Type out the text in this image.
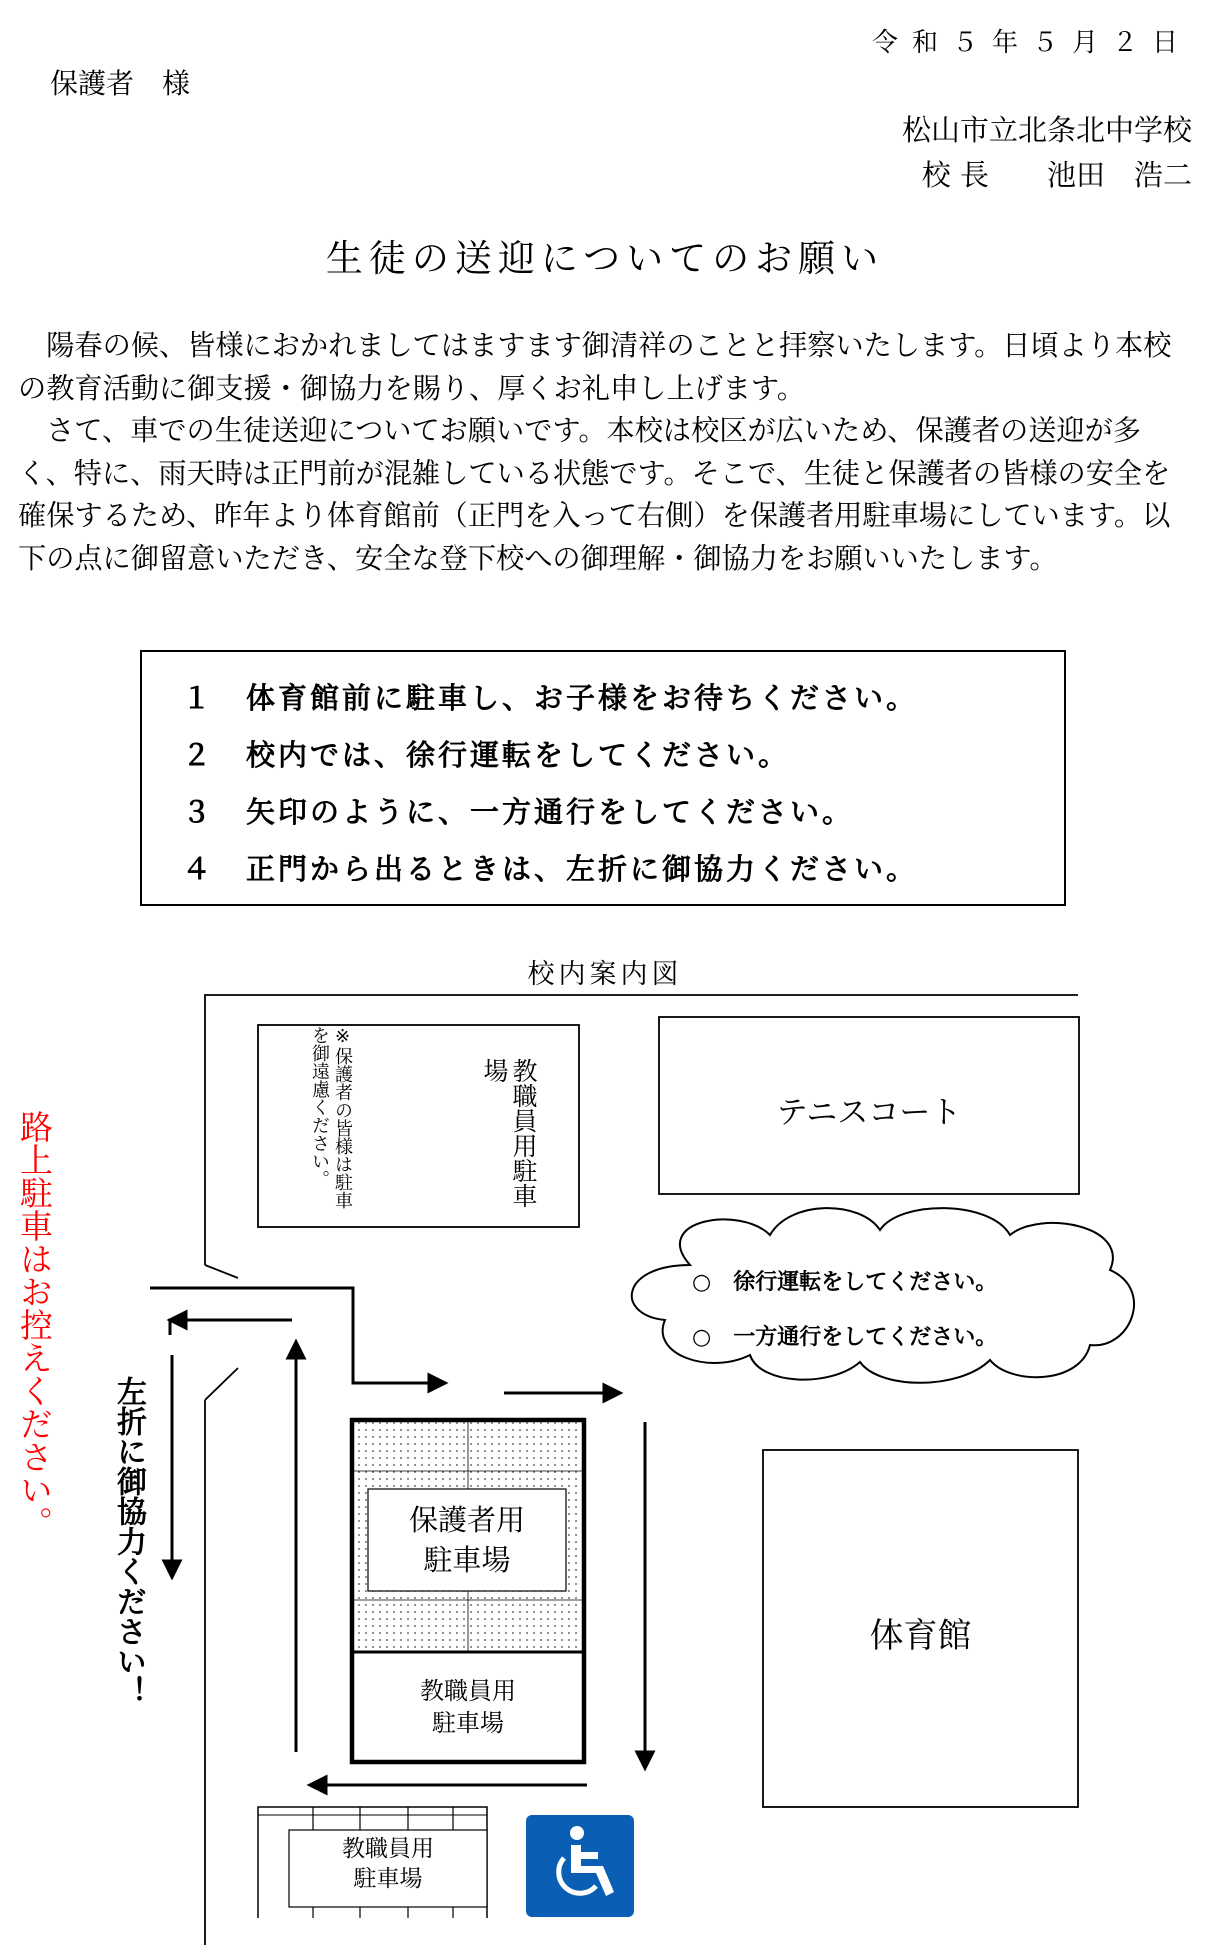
令和５年５月２日
保護者　様
松山市立北条北中学校
校 長　　池田　浩二
生徒の送迎についてのお願い

陽春の候、皆様におかれましてはますます御清祥のことと拝察いたします。日頃より本校の教育活動に御支援・御協力を賜り、厚くお礼申し上げます。

さて、車での生徒送迎についてお願いです。本校は校区が広いため、保護者の送迎が多く、特に、雨天時は正門前が混雑している状態です。そこで、生徒と保護者の皆様の安全を確保するため、昨年より体育館前（正門を入って右側）を保護者用駐車場にしています。以下の点に御留意いただき、安全な登下校への御理解・御協力をお願いいたします。

１ 体育館前に駐車し、お子様をお待ちください。
２ 校内では、徐行運転をしてください。
３ 矢印のように、一方通行をしてください。
４ 正門から出るときは、左折に御協力ください。
校内案内図
教職員用駐車場
※保護者の皆様は駐車を御遠慮ください。	テニスコート
○　徐行運転をしてください。
○　一方通行をしてください。
路上駐車はお控えください。
左折に御協力ください！	保護者用
駐車場
教職員用
駐車場
体育館
教職員用
駐車場
